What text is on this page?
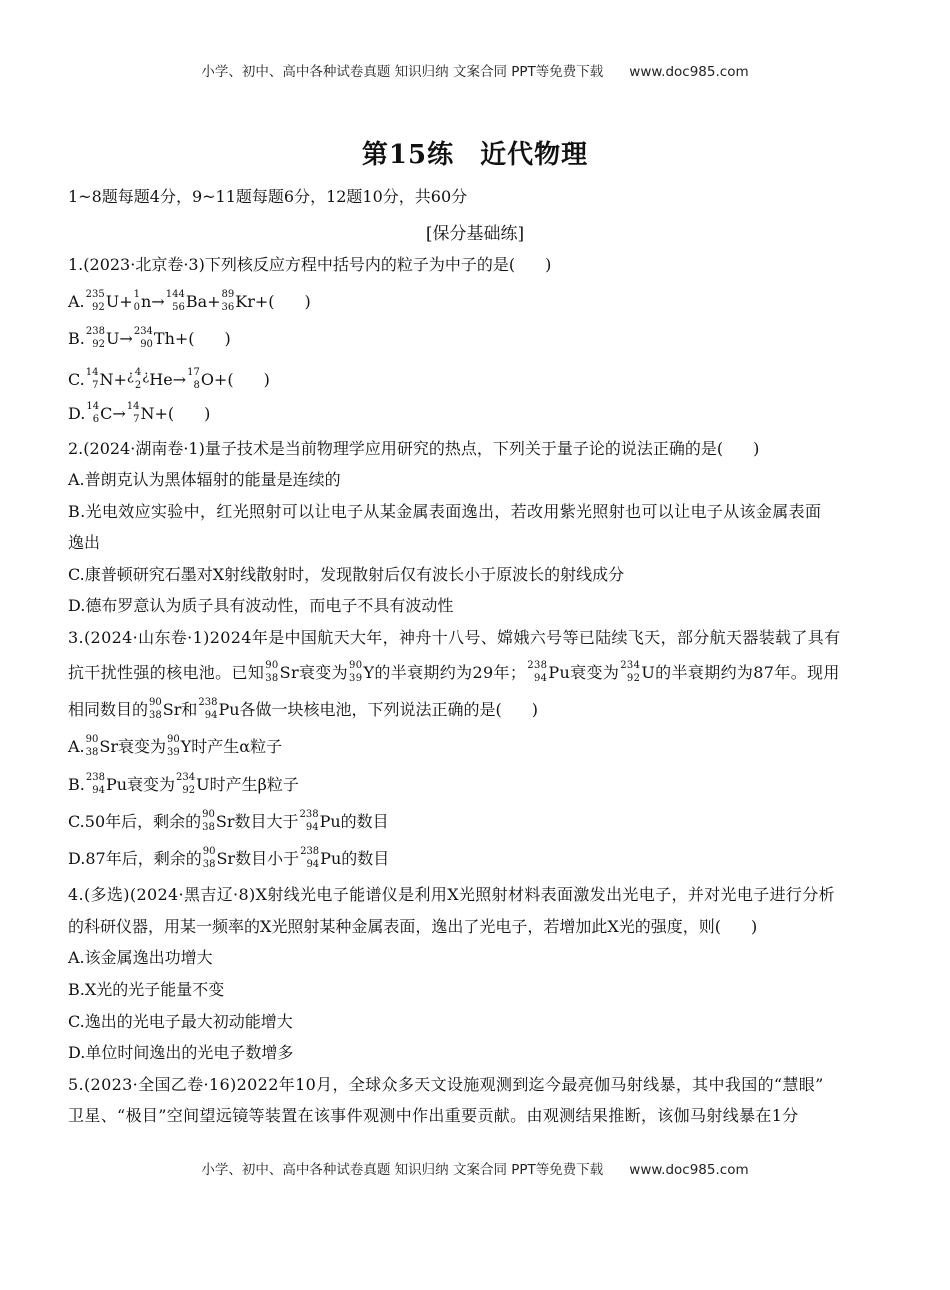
小学、初中、高中各种试卷真题 知识归纳 文案合同 PPT等免费下载 www.doc985.com
第15练 近代物理
1~8题每题4分，9~11题每题6分，12题10分，共60分
[保分基础练]
1.(2023·北京卷·3)下列核反应方程中括号内的粒子为中子的是( )
A. 235
92 U+ 1
0 n→ 144
56 Ba+ 89
36 Kr+( )
B. 238
92 U→ 234
90 Th+( )
C. 14
7 N+¿ 4
2
¿He→ 17
8 O+( )
D. 14
6 C→ 14
7 N+( )
2.(2024·湖南卷·1)量子技术是当前物理学应用研究的热点，下列关于量子论的说法正确的是( )
A.普朗克认为黑体辐射的能量是连续的
B.光电效应实验中，红光照射可以让电子从某金属表面逸出，若改用紫光照射也可以让电子从该金属表面
逸出
C.康普顿研究石墨对X射线散射时，发现散射后仅有波长小于原波长的射线成分
D.德布罗意认为质子具有波动性，而电子不具有波动性
3.(2024·山东卷·1)2024年是中国航天大年，神舟十八号、嫦娥六号等已陆续飞天，部分航天器装载了具有
抗干扰性强的核电池。已知 90
38 Sr衰变为 90
39 Y的半衰期约为29年； 238
94 Pu衰变为 234
92 U的半衰期约为87年。现用
相同数目的 90
38 Sr和 238
94 Pu各做一块核电池，下列说法正确的是( )
A. 90
38 Sr衰变为 90
39 Y时产生α粒子
B. 238
94 Pu衰变为 234
92 U时产生β粒子
C.50年后，剩余的 90
38 Sr数目大于 238
94 Pu的数目
D.87年后，剩余的 90
38 Sr数目小于 238
94 Pu的数目
4.(多选)(2024·黑吉辽·8)X射线光电子能谱仪是利用X光照射材料表面激发出光电子，并对光电子进行分析
的科研仪器，用某一频率的X光照射某种金属表面，逸出了光电子，若增加此X光的强度，则( )
A.该金属逸出功增大
B.X光的光子能量不变
C.逸出的光电子最大初动能增大
D.单位时间逸出的光电子数增多
5.(2023·全国乙卷·16)2022年10月，全球众多天文设施观测到迄今最亮伽马射线暴，其中我国的“慧眼”
卫星、“极目”空间望远镜等装置在该事件观测中作出重要贡献。由观测结果推断，该伽马射线暴在1分
小学、初中、高中各种试卷真题 知识归纳 文案合同 PPT等免费下载 www.doc985.com
